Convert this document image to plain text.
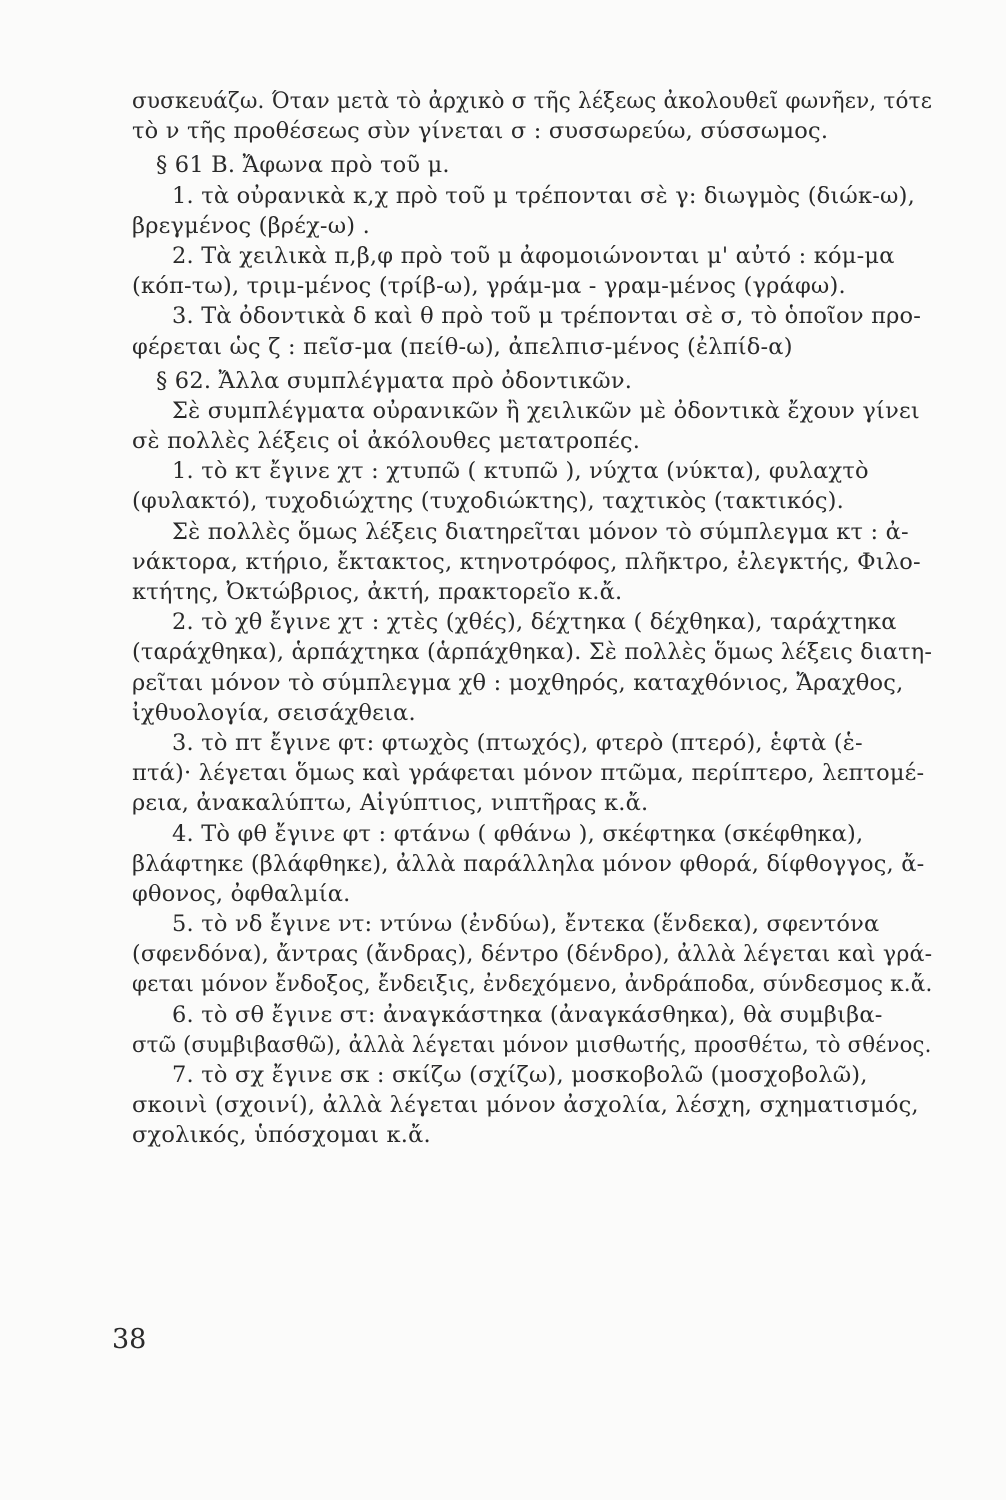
συσκευάζω. Όταν μετὰ τὸ ἀρχικὸ σ τῆς λέξεως ἀκολουθεῖ φωνῆεν, τότε
τὸ ν τῆς προθέσεως σὺν γίνεται σ : συσσωρεύω, σύσσωμος.
§ 61 Β. Ἄφωνα πρὸ τοῦ μ.
1. τὰ οὐρανικὰ κ,χ πρὸ τοῦ μ τρέπονται σὲ γ: διωγμὸς (διώκ-ω),
βρεγμένος (βρέχ-ω) .
2. Τὰ χειλικὰ π,β,φ πρὸ τοῦ μ ἀφομοιώνονται μ' αὐτό : κόμ-μα
(κόπ-τω), τριμ-μένος (τρίβ-ω), γράμ-μα - γραμ-μένος (γράφω).
3. Τὰ ὀδοντικὰ δ καὶ θ πρὸ τοῦ μ τρέπονται σὲ σ, τὸ ὁποῖον προ-
φέρεται ὡς ζ : πεῖσ-μα (πείθ-ω), ἀπελπισ-μένος (ἐλπίδ-α)
§ 62. Ἄλλα συμπλέγματα πρὸ ὀδοντικῶν.
Σὲ συμπλέγματα οὐρανικῶν ἢ χειλικῶν μὲ ὀδοντικὰ ἔχουν γίνει
σὲ πολλὲς λέξεις οἱ ἀκόλουθες μετατροπές.
1. τὸ κτ ἔγινε χτ : χτυπῶ ( κτυπῶ ), νύχτα (νύκτα), φυλαχτὸ
(φυλακτό), τυχοδιώχτης (τυχοδιώκτης), ταχτικὸς (τακτικός).
Σὲ πολλὲς ὅμως λέξεις διατηρεῖται μόνον τὸ σύμπλεγμα κτ : ἀ-
νάκτορα, κτήριο, ἔκτακτος, κτηνοτρόφος, πλῆκτρο, ἐλεγκτής, Φιλο-
κτήτης, Ὀκτώβριος, ἀκτή, πρακτορεῖο κ.ἄ.
2. τὸ χθ ἔγινε χτ : χτὲς (χθές), δέχτηκα ( δέχθηκα), ταράχτηκα
(ταράχθηκα), ἁρπάχτηκα (ἁρπάχθηκα). Σὲ πολλὲς ὅμως λέξεις διατη-
ρεῖται μόνον τὸ σύμπλεγμα χθ : μοχθηρός, καταχθόνιος, Ἄραχθος,
ἰχθυολογία, σεισάχθεια.
3. τὸ πτ ἔγινε φτ: φτωχὸς (πτωχός), φτερὸ (πτερό), ἑφτὰ (ἑ-
πτά)· λέγεται ὅμως καὶ γράφεται μόνον πτῶμα, περίπτερο, λεπτομέ-
ρεια, ἀνακαλύπτω, Αἰγύπτιος, νιπτῆρας κ.ἄ.
4. Τὸ φθ ἔγινε φτ : φτάνω ( φθάνω ), σκέφτηκα (σκέφθηκα),
βλάφτηκε (βλάφθηκε), ἀλλὰ παράλληλα μόνον φθορά, δίφθογγος, ἄ-
φθονος, ὀφθαλμία.
5. τὸ νδ ἔγινε ντ: ντύνω (ἐνδύω), ἔντεκα (ἕνδεκα), σφεντόνα
(σφενδόνα), ἄντρας (ἄνδρας), δέντρο (δένδρο), ἀλλὰ λέγεται καὶ γρά-
φεται μόνον ἔνδοξος, ἔνδειξις, ἐνδεχόμενο, ἀνδράποδα, σύνδεσμος κ.ἄ.
6. τὸ σθ ἔγινε στ: ἀναγκάστηκα (ἀναγκάσθηκα), θὰ συμβιβα-
στῶ (συμβιβασθῶ), ἀλλὰ λέγεται μόνον μισθωτής, προσθέτω, τὸ σθένος.
7. τὸ σχ ἔγινε σκ : σκίζω (σχίζω), μοσκοβολῶ (μοσχοβολῶ),
σκοινὶ (σχοινί), ἀλλὰ λέγεται μόνον ἀσχολία, λέσχη, σχηματισμός,
σχολικός, ὑπόσχομαι κ.ἄ.
38
